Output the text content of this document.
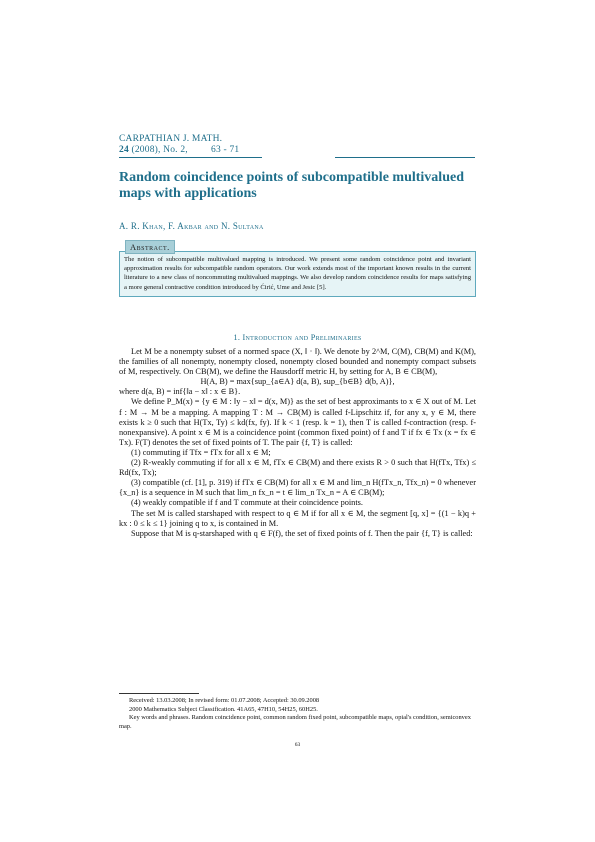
CARPATHIAN J. MATH.
24
(2008), No. 2,
63 - 71
Random coincidence points of subcompatible multivalued maps with applications
A. R. Khan, F. Akbar and N. Sultana
The notion of subcompatible multivalued mapping is introduced. We present some random coincidence point and invariant approximation results for subcompatible random operators. Our work extends most of the important known results in the current literature to a new class of noncommuting multivalued mappings. We also develop random coincidence results for maps satisfying a more general contractive condition introduced by Ćirić, Ume and Jesic [5].
Abstract.
1. Introduction and Preliminaries

Let M be a nonempty subset of a normed space (X, ‖ · ‖). We denote by 2^M, C(M), CB(M) and K(M), the families of all nonempty, nonempty closed, nonempty closed bounded and nonempty compact subsets of M, respectively. On CB(M), we define the Hausdorff metric H, by setting for A, B ∈ CB(M),

H(A, B) = max{sup_{a∈A} d(a, B), sup_{b∈B} d(b, A)},

where d(a, B) = inf{‖a − x‖ : x ∈ B}.

We define P_M(x) = {y ∈ M : ‖y − x‖ = d(x, M)} as the set of best approximants to x ∈ X out of M. Let f : M → M be a mapping. A mapping T : M → CB(M) is called f-Lipschitz if, for any x, y ∈ M, there exists k ≥ 0 such that H(Tx, Ty) ≤ kd(fx, fy). If k < 1 (resp. k = 1), then T is called f-contraction (resp. f-nonexpansive). A point x ∈ M is a coincidence point (common fixed point) of f and T if fx ∈ Tx (x = fx ∈ Tx). F(T) denotes the set of fixed points of T. The pair {f, T} is called:

(1) commuting if Tfx = fTx for all x ∈ M;

(2) R-weakly commuting if for all x ∈ M, fTx ∈ CB(M) and there exists R > 0 such that H(fTx, Tfx) ≤ Rd(fx, Tx);

(3) compatible (cf. [1], p. 319) if fTx ∈ CB(M) for all x ∈ M and lim_n H(fTx_n, Tfx_n) = 0 whenever {x_n} is a sequence in M such that lim_n fx_n = t ∈ lim_n Tx_n = A ∈ CB(M);

(4) weakly compatible if f and T commute at their coincidence points.

The set M is called starshaped with respect to q ∈ M if for all x ∈ M, the segment [q, x] = {(1 − k)q + kx : 0 ≤ k ≤ 1} joining q to x, is contained in M.

Suppose that M is q-starshaped with q ∈ F(f), the set of fixed points of f. Then the pair {f, T} is called:

Received: 13.03.2008; In revised form: 01.07.2008; Accepted: 30.09.2008

2000 Mathematics Subject Classification. 41A65, 47H10, 54H25, 60H25.

Key words and phrases. Random coincidence point, common random fixed point, subcompatible maps, opial's condition, semiconvex map.

63
